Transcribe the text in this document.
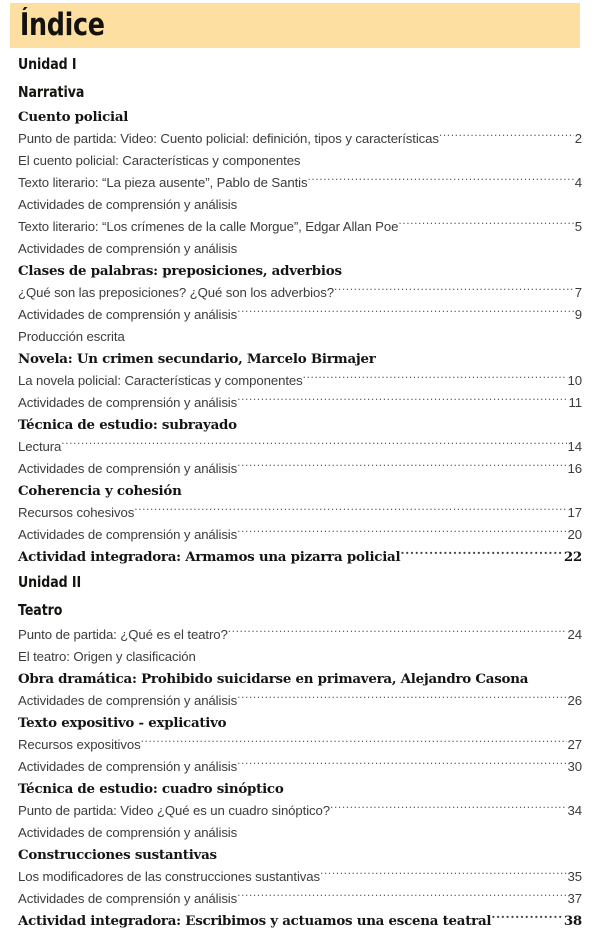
Índice
Unidad I
Narrativa
Cuento policial
Punto de partida: Video: Cuento policial: definición, tipos y características .....	2
El cuento policial: Características y componentes
Texto literario: “La pieza ausente”, Pablo de Santis .....	4
Actividades de comprensión y análisis
Texto literario: “Los crímenes de la calle Morgue”, Edgar Allan Poe .....	5
Actividades de comprensión y análisis
Clases de palabras: preposiciones, adverbios
¿Qué son las preposiciones? ¿Qué son los adverbios? .....	7
Actividades de comprensión y análisis .....	9
Producción escrita
Novela: Un crimen secundario, Marcelo Birmajer
La novela policial: Características y componentes .....	10
Actividades de comprensión y análisis .....	11
Técnica de estudio: subrayado
Lectura .....	14
Actividades de comprensión y análisis .....	16
Coherencia y cohesión
Recursos cohesivos .....	17
Actividades de comprensión y análisis .....	20
Actividad integradora: Armamos una pizarra policial .....	22
Unidad II
Teatro
Punto de partida: ¿Qué es el teatro? .....	24
El teatro: Origen y clasificación
Obra dramática: Prohibido suicidarse en primavera, Alejandro Casona
Actividades de comprensión y análisis .....	26
Texto expositivo - explicativo
Recursos expositivos .....	27
Actividades de comprensión y análisis .....	30
Técnica de estudio: cuadro sinóptico
Punto de partida: Video ¿Qué es un cuadro sinóptico? .....	34
Actividades de comprensión y análisis
Construcciones sustantivas
Los modificadores de las construcciones sustantivas .....	35
Actividades de comprensión y análisis .....	37
Actividad integradora: Escribimos y actuamos una escena teatral .....	38
